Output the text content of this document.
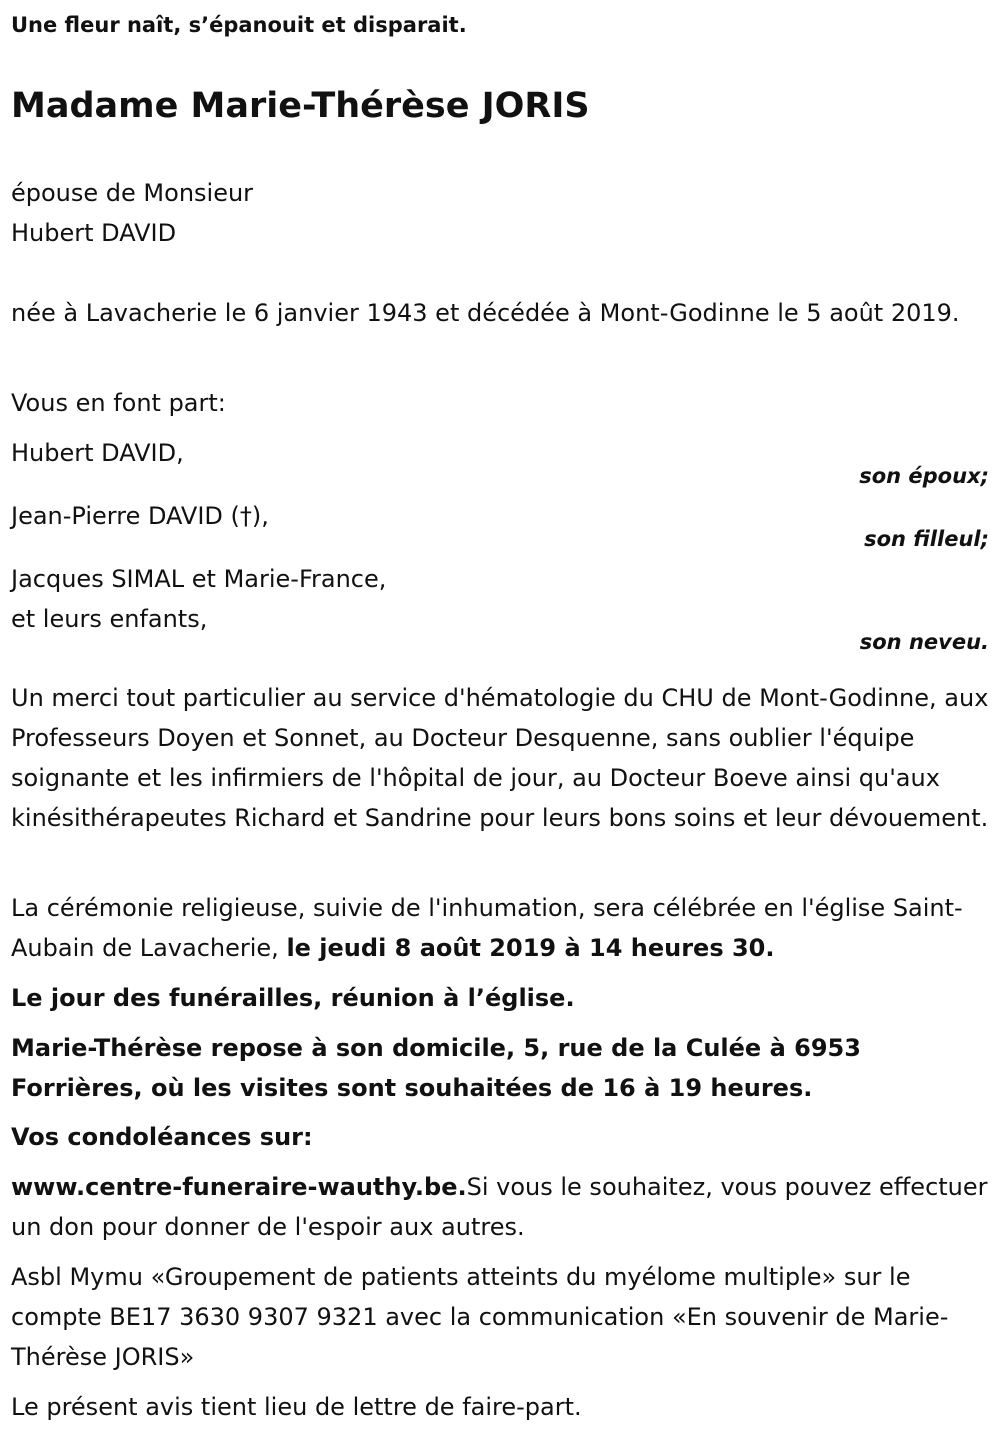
Une fleur naît, s’épanouit et disparait.

Madame Marie-Thérèse JORIS

épouse de Monsieur
Hubert DAVID

née à Lavacherie le 6 janvier 1943 et décédée à Mont-Godinne le 5 août 2019.

Vous en font part:

Hubert DAVID,

son époux;

Jean-Pierre DAVID (†),

son filleul;

Jacques SIMAL et Marie-France,
et leurs enfants,

son neveu.

Un merci tout particulier au service d'hématologie du CHU de Mont-Godinne, aux Professeurs Doyen et Sonnet, au Docteur Desquenne, sans oublier l'équipe soignante et les infirmiers de l'hôpital de jour, au Docteur Boeve ainsi qu'aux kinésithérapeutes Richard et Sandrine pour leurs bons soins et leur dévouement.

La cérémonie religieuse, suivie de l'inhumation, sera célébrée en l'église Saint-Aubain de Lavacherie, le jeudi 8 août 2019 à 14 heures 30.

Le jour des funérailles, réunion à l’église.

Marie-Thérèse repose à son domicile, 5, rue de la Culée à 6953 Forrières, où les visites sont souhaitées de 16 à 19 heures.

Vos condoléances sur:

www.centre-funeraire-wauthy.be.Si vous le souhaitez, vous pouvez effectuer un don pour donner de l'espoir aux autres.

Asbl Mymu «Groupement de patients atteints du myélome multiple» sur le compte BE17 3630 9307 9321 avec la communication «En souvenir de Marie-Thérèse JORIS»

Le présent avis tient lieu de lettre de faire-part.
